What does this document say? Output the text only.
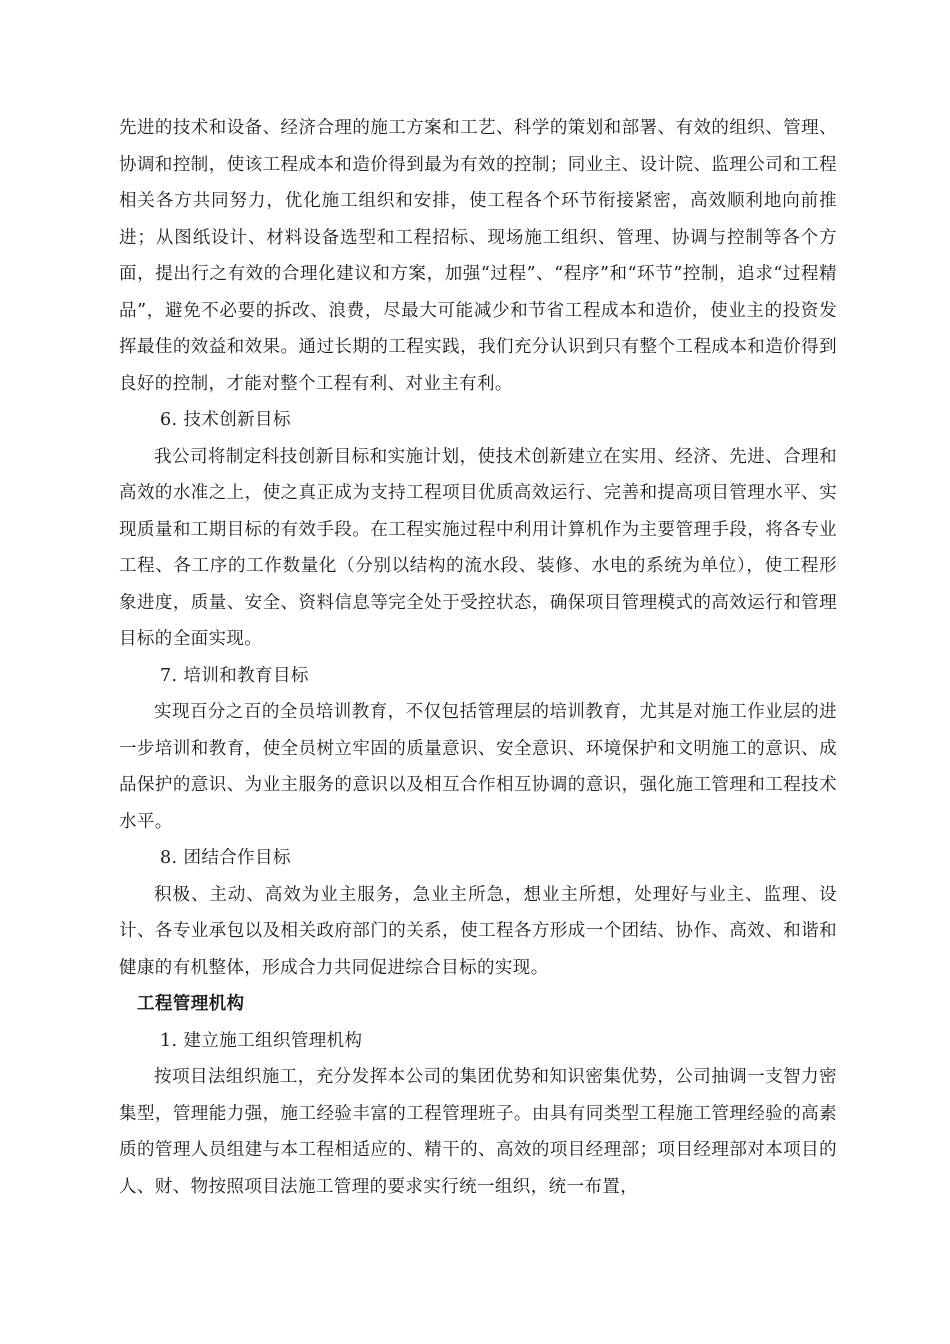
先进的技术和设备、经济合理的施工方案和工艺、科学的策划和部署、有效的组织、管理、协调和控制，使该工程成本和造价得到最为有效的控制；同业主、设计院、监理公司和工程相关各方共同努力，优化施工组织和安排，使工程各个环节衔接紧密，高效顺利地向前推进；从图纸设计、材料设备选型和工程招标、现场施工组织、管理、协调与控制等各个方面，提出行之有效的合理化建议和方案，加强“过程”、“程序”和“环节”控制，追求“过程精品”，避免不必要的拆改、浪费，尽最大可能减少和节省工程成本和造价，使业主的投资发挥最佳的效益和效果。通过长期的工程实践，我们充分认识到只有整个工程成本和造价得到良好的控制，才能对整个工程有利、对业主有利。

6. 技术创新目标

我公司将制定科技创新目标和实施计划，使技术创新建立在实用、经济、先进、合理和高效的水准之上，使之真正成为支持工程项目优质高效运行、完善和提高项目管理水平、实现质量和工期目标的有效手段。在工程实施过程中利用计算机作为主要管理手段，将各专业工程、各工序的工作数量化（分别以结构的流水段、装修、水电的系统为单位），使工程形象进度，质量、安全、资料信息等完全处于受控状态，确保项目管理模式的高效运行和管理目标的全面实现。

7. 培训和教育目标

实现百分之百的全员培训教育，不仅包括管理层的培训教育，尤其是对施工作业层的进一步培训和教育，使全员树立牢固的质量意识、安全意识、环境保护和文明施工的意识、成品保护的意识、为业主服务的意识以及相互合作相互协调的意识，强化施工管理和工程技术水平。

8. 团结合作目标

积极、主动、高效为业主服务，急业主所急，想业主所想，处理好与业主、监理、设计、各专业承包以及相关政府部门的关系，使工程各方形成一个团结、协作、高效、和谐和健康的有机整体，形成合力共同促进综合目标的实现。

工程管理机构

1. 建立施工组织管理机构

按项目法组织施工，充分发挥本公司的集团优势和知识密集优势，公司抽调一支智力密集型，管理能力强，施工经验丰富的工程管理班子。由具有同类型工程施工管理经验的高素质的管理人员组建与本工程相适应的、精干的、高效的项目经理部；项目经理部对本项目的人、财、物按照项目法施工管理的要求实行统一组织，统一布置，
